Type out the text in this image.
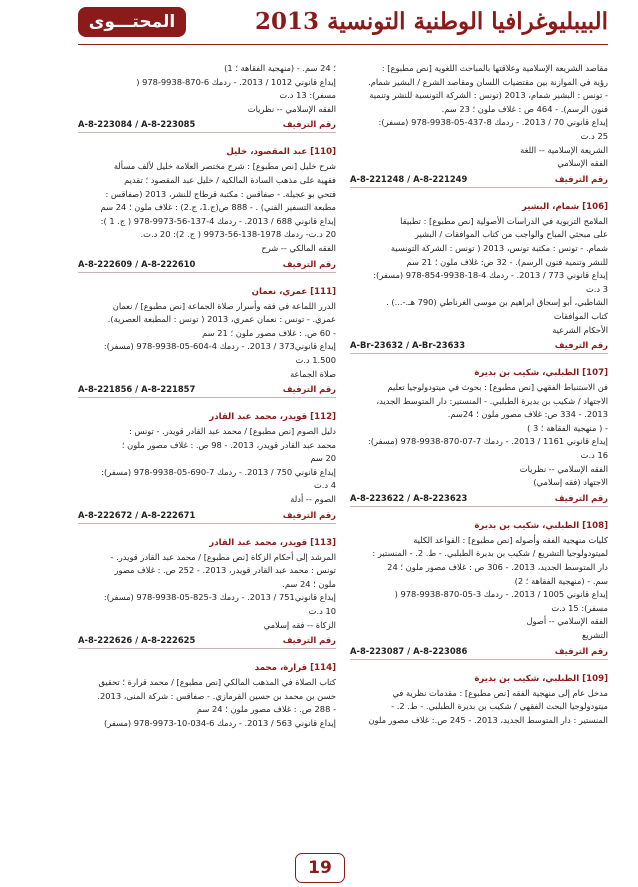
البيبليوغرافيا الوطنية التونسية 2013
المحتـــوى
مقاصد الشريعة الإسلامية وعلاقتها بالمباحث اللغوية [نص مطبوع] :
رؤية في الموازنة بين مقتضيات اللسان ومقاصد الشرع / البشير شمام.
- تونس : البشير شمام، 2013 (تونس : الشركة التونسية للنشر وتنمية
فنون الرسم). - 464 ص : غلاف ملون ؛ 23 سم.
إيداع قانوني 70 / 2013. - ردمك 8-437-05-9938-978 (مسفر):
25 د.ت
الشريعة الإسلامية -- اللغة
الفقه الإسلامي
رقم الترفيف
A-8-221248 / A-8-221249
[106] شمام، البشير
الملامح التربوية في الدراسات الأصولية [نص مطبوع] : تطبيقا
على مبحثي المباح والواجب من كتاب الموافقات / البشير
شمام. - تونس : مكتبة تونس، 2013 ( تونس : الشركة التونسية
للنشر وتنمية فنون الرسم). - 32 ص: غلاف ملون ؛ 21 سم
إيداع قانوني 773 / 2013. - ردمك 4-18-9938-854-978 (مسفر):
3 د.ت
الشاطبي، أبو إسحاق ابراهيم بن موسى الغرناطي (790 هـ.-...) .
كتاب الموافقات
الأحكام الشرعية
رقم الترفيف
A-Br-23632 / A-Br-23633
[107] الطبلبي، شكيب بن بديرة
فن الاستنباط الفقهي [نص مطبوع] : بحوث في ميتودولوجيا تعليم
الاجتهاد / شكيب بن بديرة الطبلبي. - المنستير: دار المتوسط الجديد،
2013. - 334 ص: غلاف مصور ملون ؛ 24سم.
- ( منهجية الفقاهة ؛ 3 )
إيداع قانوني 1161 / 2013. - ردمك 7-07-870-9938-978 (مسفر):
16 د.ت
الفقه الإسلامي -- نظريات
الاجتهاد (فقه إسلامي)
رقم الترفيف
A-8-223622 / A-8-223623
[108] الطبلبي، شكيب بن بديرة
كليات منهجية الفقه وأصوله [نص مطبوع] : القواعد الكلية
لميتودولوجيا التشريع / شكيب بن بديرة الطبلبي. - ط. 2. - المنستير :
دار المتوسط الجديد، 2013. - 306 ص : غلاف مصور ملون ؛ 24
سم. - (منهجية الفقاهة ؛ 2)
إيداع قانوني 1005 / 2013. - ردمك 3-05-870-9938-978 (
مسفر): 15 د.ت
الفقه الإسلامي -- أصول
التشريع
رقم الترفيف
A-8-223087 / A-8-223086
[109] الطبلبي، شكيب بن بديرة
مدخل عام إلى منهجية الفقه [نص مطبوع] : مقدمات نظرية في
ميتودولوجيا البحث الفقهي / شكيب بن بديرة الطبلبي. - ط. 2. -
المنستير : دار المتوسط الجديد، 2013. - 245 ص.: غلاف مصور ملون
؛ 24 سم. - (منهجية الفقاهة ؛ 1)
إيداع قانوني 1012 / 2013. - ردمك 6-870-9938-978 (
مسفر): 13 د.ت
الفقه الإسلامي -- نظريات
رقم الترفيف
A-8-223084 / A-8-223085
[110] عبد المقصود، خليل
شرح خليل [نص مطبوع] : شرح مختصر العلامة خليل لألف مسألة
فقهية على مذهب السادة المالكية / خليل عبد المقصود ؛ تقديم
فتحي بو عجيلة. - صفاقس : مكتبة قرطاج للنشر، 2013 (صفاقس :
مطبعة التسفير الفني) . - 888 ص(ج.1، ج.2) : غلاف ملون ؛ 24 سم
إيداع قانوني 688 / 2013. - ردمك 4-137-56-9973-978 ( ج. 1 ):
20 د.ت- ردمك 1978-138-56-9973 ( ج. 2): 20 د.ت.
الفقه المالكي -- شرح
رقم الترفيف
A-8-222609 / A-8-222610
[111] عمري، نعمان
الدرر اللماعة في فقه وأسرار صلاة الجماعة [نص مطبوع] / نعمان
عمري. - تونس : نعمان عمري، 2013 ( تونس : المطبعة العصرية).
- 60 ص. : غلاف مصور ملون ؛ 21 سم
إيداع قانوني373 / 2013. - ردمك 4-604-05-9938-978 (مسفر):
1.500 د.ت
صلاة الجماعة
رقم الترفيف
A-8-221856 / A-8-221857
[112] قويدر، محمد عبد القادر
دليل الصوم [نص مطبوع] / محمد عبد القادر قويدر. - تونس :
محمد عبد القادر قويدر، 2013. - 98 ص. : غلاف مصور ملون ؛
20 سم
إيداع قانوني 750 / 2013. - ردمك 7-690-05-9938-978 (مسفر):
4 د.ت
الصوم -- أدلة
رقم الترفيف
A-8-222672 / A-8-222671
[113] قويدر، محمد عبد القادر
المرشد إلى أحكام الزكاة [نص مطبوع] / محمد عبد القادر قويدر. -
تونس : محمد عبد القادر قويدر، 2013. - 252 ص. : غلاف مصور
ملون ؛ 24 سم.
إيداع قانوني751 / 2013. - ردمك 3-825-05-9938-978 (مسفر):
10 د.ت
الزكاة -- فقه إسلامي
رقم الترفيف
A-8-222626 / A-8-222625
[114] قرارة، محمد
كتاب الصلاة في المذهب المالكي [نص مطبوع] / محمد قرارة ؛ تحقيق
حسن بن محمد بن حسين القرمازي. - صفاقس : شركة المنى، 2013.
- 288 ص. : غلاف مصور ملون ؛ 24 سم
إيداع قانوني 563 / 2013. - ردمك 6-034-10-9973-978 (مسفر)
19
